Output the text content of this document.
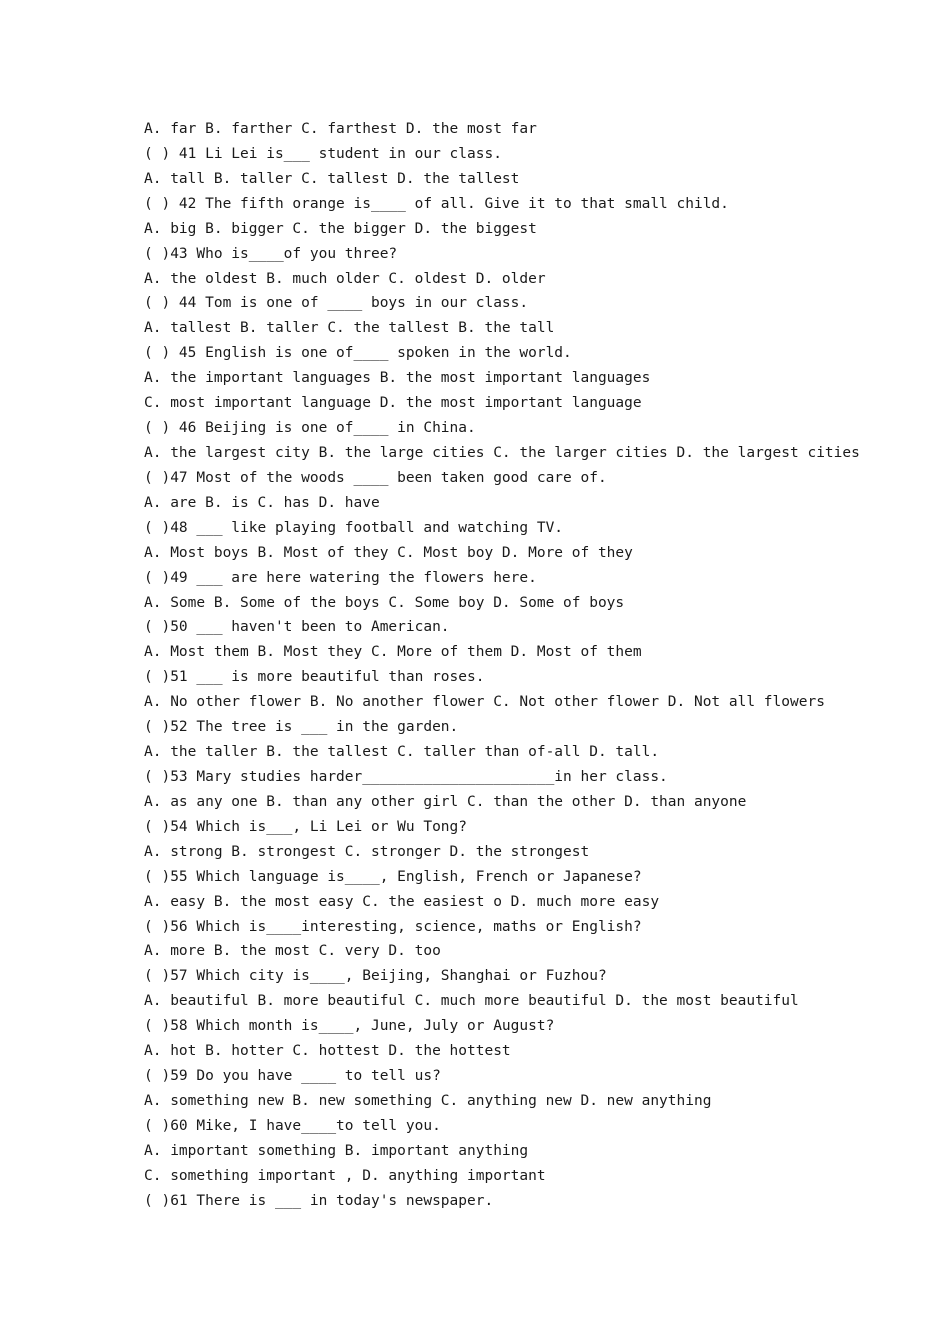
A. far B. farther C. farthest D. the most far
( ) 41 Li Lei is___ student in our class.
A. tall B. taller C. tallest D. the tallest
( ) 42 The fifth orange is____ of all. Give it to that small child.
A. big B. bigger C. the bigger D. the biggest
( )43 Who is____of you three?
A. the oldest B. much older C. oldest D. older
( ) 44 Tom is one of ____ boys in our class.
A. tallest B. taller C. the tallest B. the tall
( ) 45 English is one of____ spoken in the world.
A. the important languages B. the most important languages
C. most important language D. the most important language
( ) 46 Beijing is one of____ in China.
A. the largest city B. the large cities C. the larger cities D. the largest cities
( )47 Most of the woods ____ been taken good care of.
A. are B. is C. has D. have
( )48 ___ like playing football and watching TV.
A. Most boys B. Most of they C. Most boy D. More of they
( )49 ___ are here watering the flowers here.
A. Some B. Some of the boys C. Some boy D. Some of boys
( )50 ___ haven't been to American.
A. Most them B. Most they C. More of them D. Most of them
( )51 ___ is more beautiful than roses.
A. No other flower B. No another flower C. Not other flower D. Not all flowers
( )52 The tree is ___ in the garden.
A. the taller B. the tallest C. taller than of-all D. tall.
( )53 Mary studies harder______________________in her class.
A. as any one B. than any other girl C. than the other D. than anyone
( )54 Which is___, Li Lei or Wu Tong?
A. strong B. strongest C. stronger D. the strongest
( )55 Which language is____, English, French or Japanese?
A. easy B. the most easy C. the easiest o D. much more easy
( )56 Which is____interesting, science, maths or English?
A. more B. the most C. very D. too
( )57 Which city is____, Beijing, Shanghai or Fuzhou?
A. beautiful B. more beautiful C. much more beautiful D. the most beautiful
( )58 Which month is____, June, July or August?
A. hot B. hotter C. hottest D. the hottest
( )59 Do you have ____ to tell us?
A. something new B. new something C. anything new D. new anything
( )60 Mike, I have____to tell you.
A. important something B. important anything
C. something important , D. anything important
( )61 There is ___ in today's newspaper.
